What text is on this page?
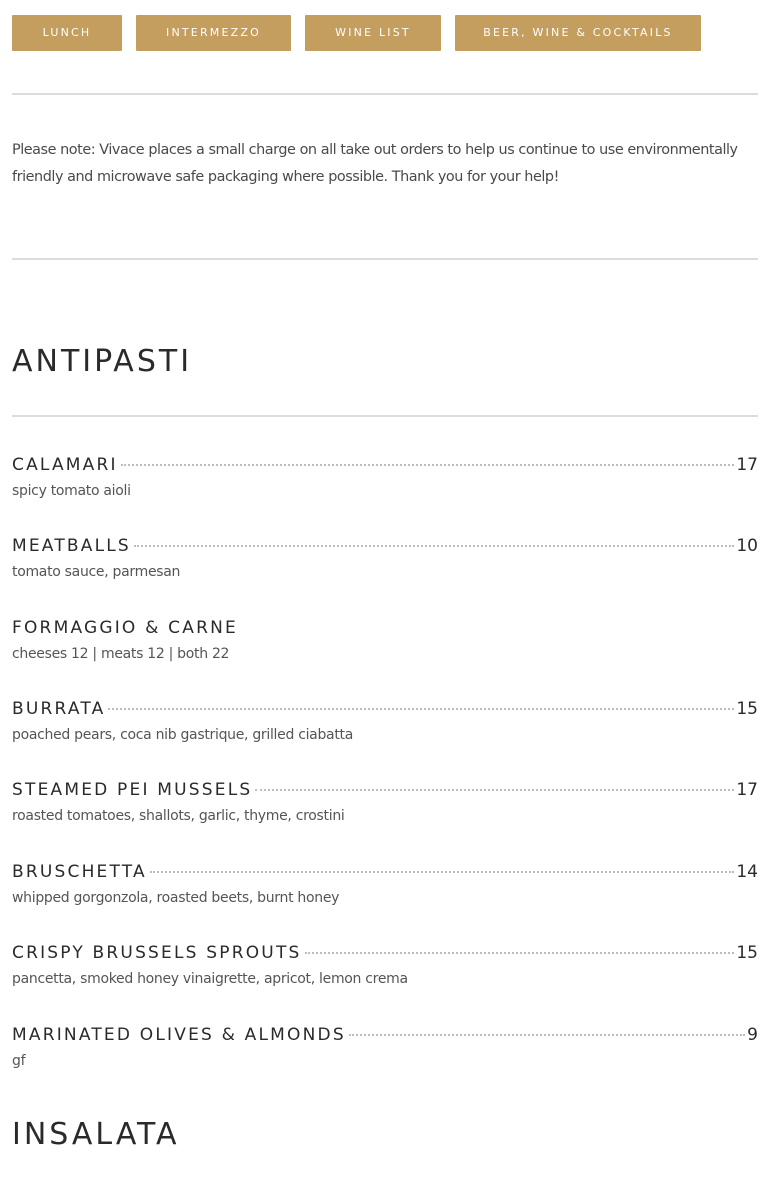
LUNCH	INTERMEZZO	WINE LIST	BEER, WINE & COCKTAILS

Please note: Vivace places a small charge on all take out orders to help us continue to use environmentally friendly and microwave safe packaging where possible. Thank you for your help!

ANTIPASTI
CALAMARI	17
spicy tomato aioli
MEATBALLS	10
tomato sauce, parmesan
FORMAGGIO & CARNE
cheeses 12 | meats 12 | both 22
BURRATA	15
poached pears, coca nib gastrique, grilled ciabatta
STEAMED PEI MUSSELS	17
roasted tomatoes, shallots, garlic, thyme, crostini
BRUSCHETTA	14
whipped gorgonzola, roasted beets, burnt honey
CRISPY BRUSSELS SPROUTS	15
pancetta, smoked honey vinaigrette, apricot, lemon crema
MARINATED OLIVES & ALMONDS	9
gf
INSALATA
